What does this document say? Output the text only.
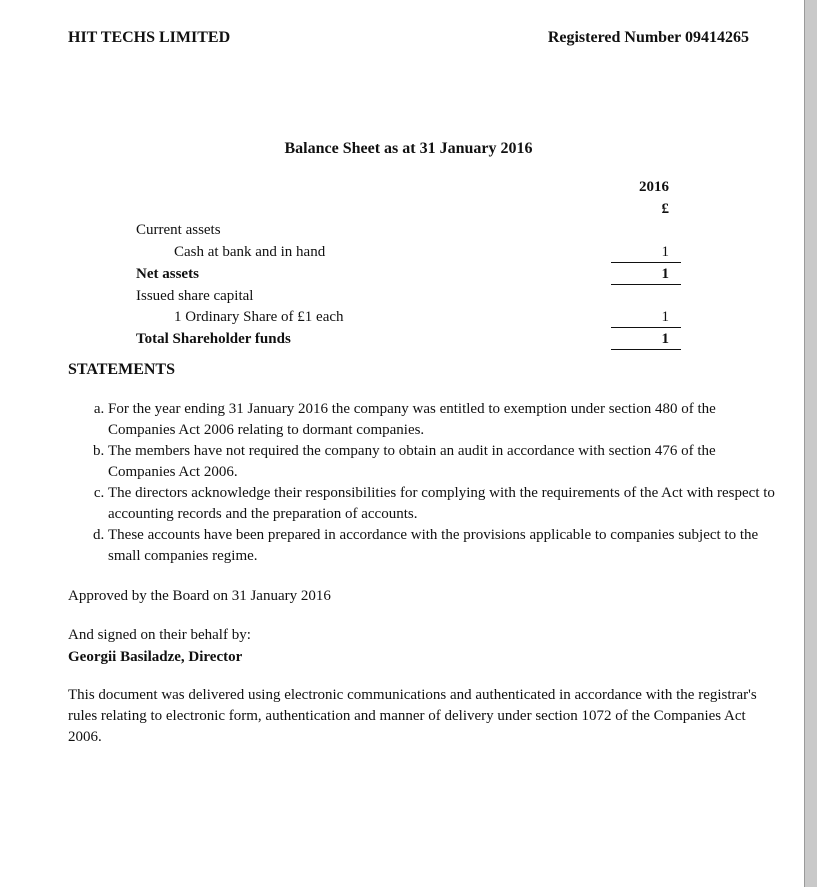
HIT TECHS LIMITED	Registered Number 09414265
Balance Sheet as at 31 January 2016
2016
£
Current assets
Cash at bank and in hand	1
Net assets	1
Issued share capital
1 Ordinary Share of £1 each	1
Total Shareholder funds	1
STATEMENTS
a. For the year ending 31 January 2016 the company was entitled to exemption under section 480 of the Companies Act 2006 relating to dormant companies.
b. The members have not required the company to obtain an audit in accordance with section 476 of the Companies Act 2006.
c. The directors acknowledge their responsibilities for complying with the requirements of the Act with respect to accounting records and the preparation of accounts.
d. These accounts have been prepared in accordance with the provisions applicable to companies subject to the small companies regime.
Approved by the Board on 31 January 2016
And signed on their behalf by:
Georgii Basiladze, Director
This document was delivered using electronic communications and authenticated in accordance with the registrar's rules relating to electronic form, authentication and manner of delivery under section 1072 of the Companies Act 2006.
